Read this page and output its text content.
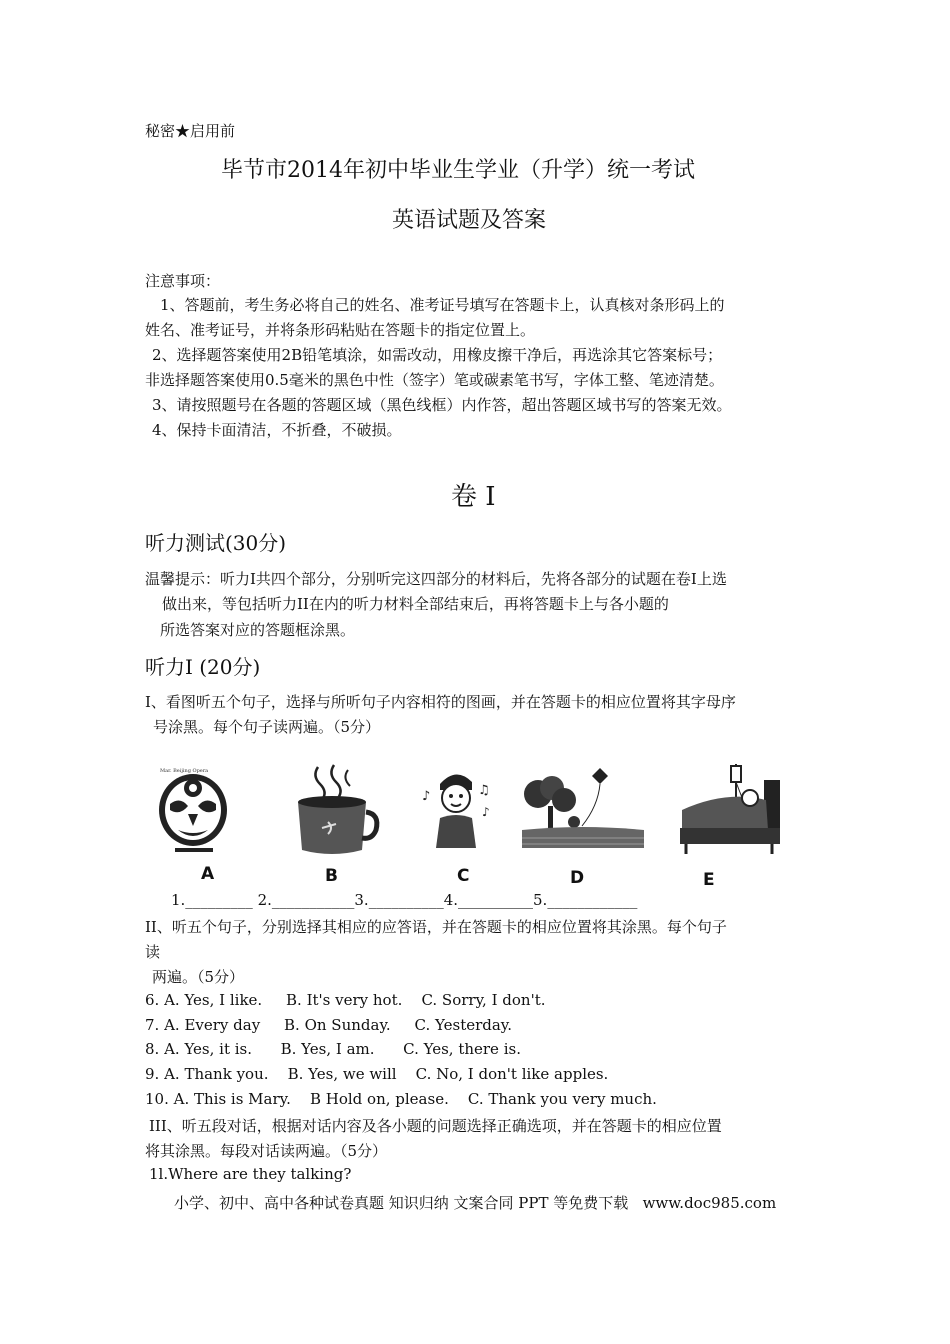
秘密★启用前
毕节市2014年初中毕业生学业（升学）统一考试
英语试题及答案
注意事项：
1、答题前，考生务必将自己的姓名、准考证号填写在答题卡上，认真核对条形码上的
姓名、准考证号，并将条形码粘贴在答题卡的指定位置上。
2、选择题答案使用2B铅笔填涂，如需改动，用橡皮擦干净后，再选涂其它答案标号；
非选择题答案使用0.5毫米的黑色中性（签字）笔或碳素笔书写，字体工整、笔迹清楚。
3、请按照题号在各题的答题区域（黑色线框）内作答，超出答题区域书写的答案无效。
4、保持卡面清洁，不折叠，不破损。
卷 I
听力测试(30分)
温馨提示：听力I共四个部分，分别听完这四部分的材料后，先将各部分的试题在卷I上选
做出来，等包括听力II在内的听力材料全部结束后，再将答题卡上与各小题的
所选答案对应的答题框涂黑。
听力I (20分)
I、看图听五个句子，选择与所听句子内容相符的图画，并在答题卡的相应位置将其字母序
号涂黑。每个句子读两遍。（5分）
Mar. Beijing Opera
A	B
♪	♫
♪
C	D	E
1._________ 2.___________3.__________4.__________5.____________
II、听五个句子，分别选择其相应的应答语，并在答题卡的相应位置将其涂黑。每个句子
读
两遍。（5分）
6. A. Yes, I like.     B. It's very hot.    C. Sorry, I don't.
7. A. Every day     B. On Sunday.     C. Yesterday.
8. A. Yes, it is.      B. Yes, I am.      C. Yes, there is.
9. A. Thank you.    B. Yes, we will    C. No, I don't like apples.
10. A. This is Mary.    B Hold on, please.    C. Thank you very much.
III、听五段对话，根据对话内容及各小题的问题选择正确选项，并在答题卡的相应位置
将其涂黑。每段对话读两遍。（5分）
1l.Where are they talking?
小学、初中、高中各种试卷真题 知识归纳 文案合同 PPT 等免费下载   www.doc985.com
